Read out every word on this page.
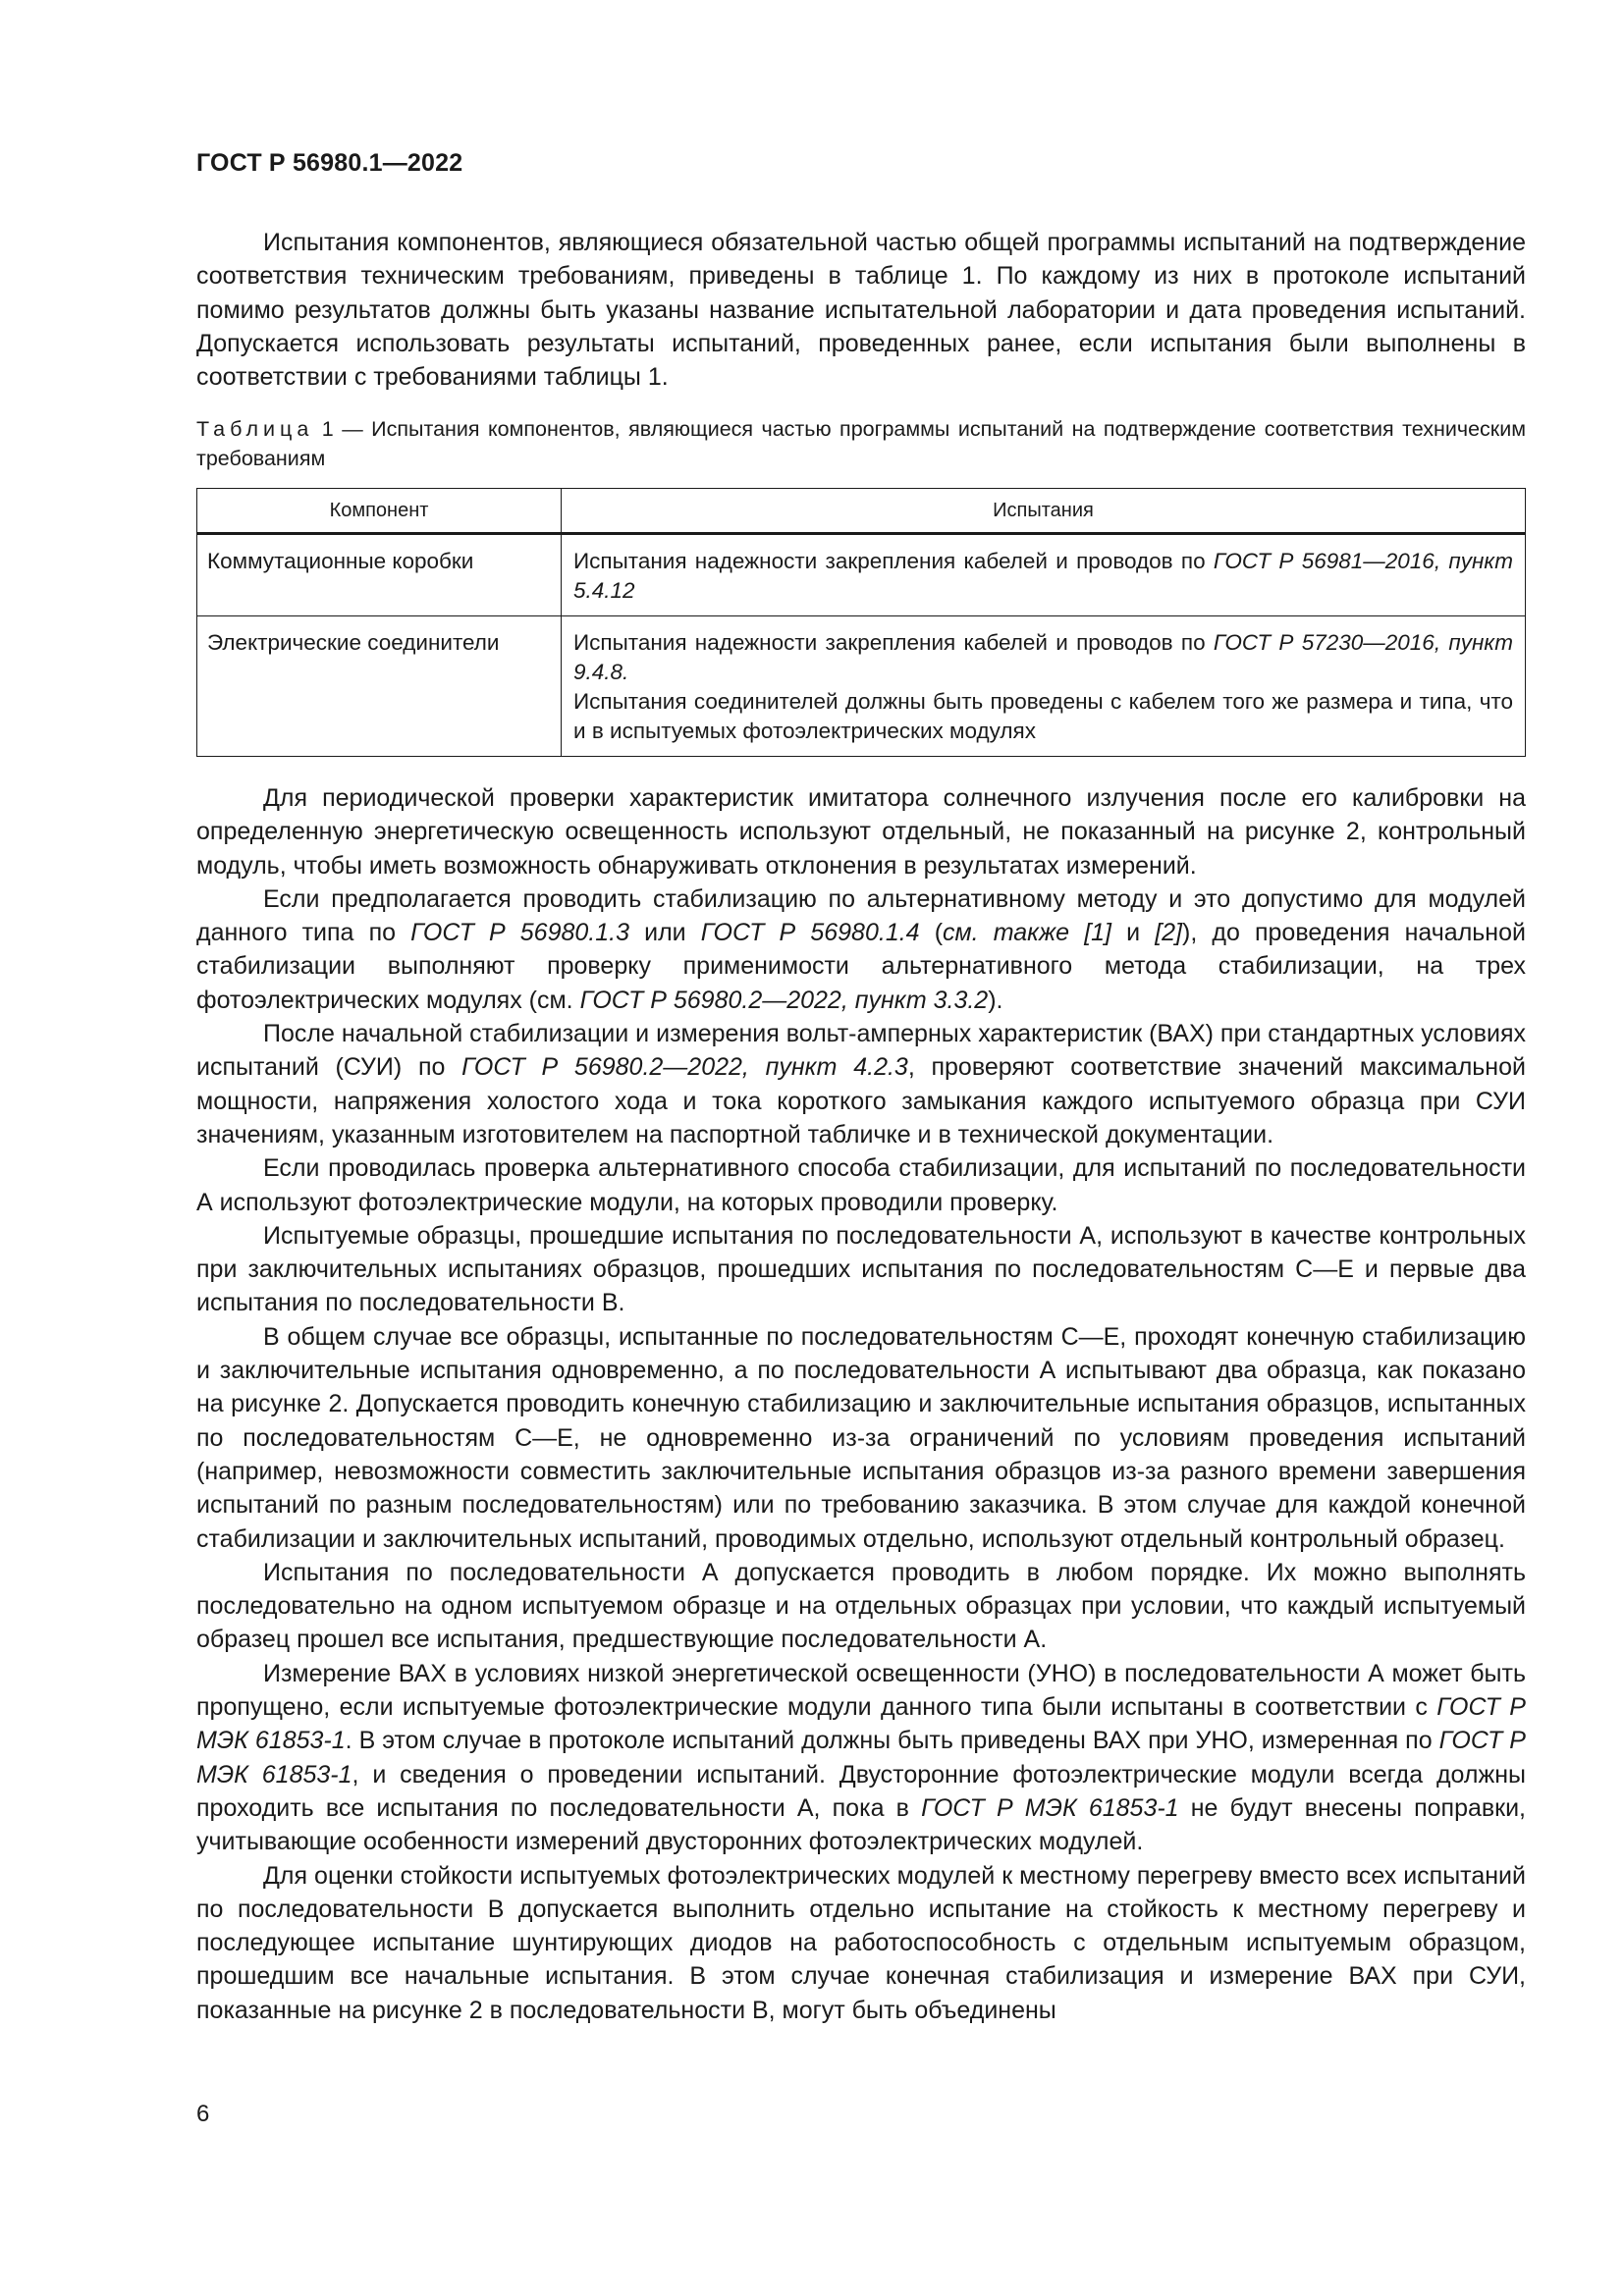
ГОСТ Р 56980.1—2022

Испытания компонентов, являющиеся обязательной частью общей программы испытаний на подтверждение соответствия техническим требованиям, приведены в таблице 1. По каждому из них в протоколе испытаний помимо результатов должны быть указаны название испытательной лаборатории и дата проведения испытаний. Допускается использовать результаты испытаний, проведенных ранее, если испытания были выполнены в соответствии с требованиями таблицы 1.

Таблица 1 — Испытания компонентов, являющиеся частью программы испытаний на подтверждение соответствия техническим требованиям
Компонент	Испытания
Коммутационные коробки	Испытания надежности закрепления кабелей и проводов по ГОСТ Р 56981—2016, пункт 5.4.12
Электрические соединители	Испытания надежности закрепления кабелей и проводов по ГОСТ Р 57230—2016, пункт 9.4.8.
Испытания соединителей должны быть проведены с кабелем того же размера и типа, что и в испытуемых фотоэлектрических модулях

Для периодической проверки характеристик имитатора солнечного излучения после его калибровки на определенную энергетическую освещенность используют отдельный, не показанный на рисунке 2, контрольный модуль, чтобы иметь возможность обнаруживать отклонения в результатах измерений.

Если предполагается проводить стабилизацию по альтернативному методу и это допустимо для модулей данного типа по ГОСТ Р 56980.1.3 или ГОСТ Р 56980.1.4 (см. также [1] и [2]), до проведения начальной стабилизации выполняют проверку применимости альтернативного метода стабилизации, на трех фотоэлектрических модулях (см. ГОСТ Р 56980.2—2022, пункт 3.3.2).

После начальной стабилизации и измерения вольт-амперных характеристик (ВАХ) при стандартных условиях испытаний (СУИ) по ГОСТ Р 56980.2—2022, пункт 4.2.3, проверяют соответствие значений максимальной мощности, напряжения холостого хода и тока короткого замыкания каждого испытуемого образца при СУИ значениям, указанным изготовителем на паспортной табличке и в технической документации.

Если проводилась проверка альтернативного способа стабилизации, для испытаний по последовательности А используют фотоэлектрические модули, на которых проводили проверку.

Испытуемые образцы, прошедшие испытания по последовательности А, используют в качестве контрольных при заключительных испытаниях образцов, прошедших испытания по последовательностям С—Е и первые два испытания по последовательности В.

В общем случае все образцы, испытанные по последовательностям С—Е, проходят конечную стабилизацию и заключительные испытания одновременно, а по последовательности А испытывают два образца, как показано на рисунке 2. Допускается проводить конечную стабилизацию и заключительные испытания образцов, испытанных по последовательностям С—Е, не одновременно из-за ограничений по условиям проведения испытаний (например, невозможности совместить заключительные испытания образцов из-за разного времени завершения испытаний по разным последовательностям) или по требованию заказчика. В этом случае для каждой конечной стабилизации и заключительных испытаний, проводимых отдельно, используют отдельный контрольный образец.

Испытания по последовательности А допускается проводить в любом порядке. Их можно выполнять последовательно на одном испытуемом образце и на отдельных образцах при условии, что каждый испытуемый образец прошел все испытания, предшествующие последовательности А.

Измерение ВАХ в условиях низкой энергетической освещенности (УНО) в последовательности А может быть пропущено, если испытуемые фотоэлектрические модули данного типа были испытаны в соответствии с ГОСТ Р МЭК 61853-1. В этом случае в протоколе испытаний должны быть приведены ВАХ при УНО, измеренная по ГОСТ Р МЭК 61853-1, и сведения о проведении испытаний. Двусторонние фотоэлектрические модули всегда должны проходить все испытания по последовательности А, пока в ГОСТ Р МЭК 61853-1 не будут внесены поправки, учитывающие особенности измерений двусторонних фотоэлектрических модулей.

Для оценки стойкости испытуемых фотоэлектрических модулей к местному перегреву вместо всех испытаний по последовательности В допускается выполнить отдельно испытание на стойкость к местному перегреву и последующее испытание шунтирующих диодов на работоспособность с отдельным испытуемым образцом, прошедшим все начальные испытания. В этом случае конечная стабилизация и измерение ВАХ при СУИ, показанные на рисунке 2 в последовательности В, могут быть объединены

6
